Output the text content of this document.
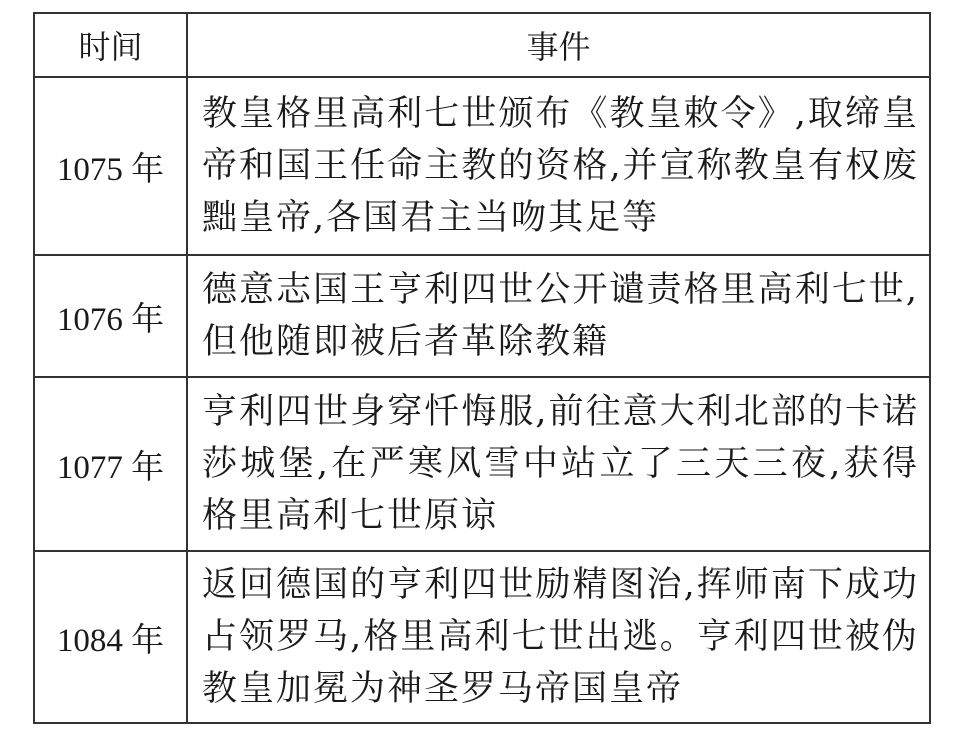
时间	事件
1075 年	教皇格里高利七世颁布《教皇敕令》,取缔皇帝和国王任命主教的资格,并宣称教皇有权废黜皇帝,各国君主当吻其足等
1076 年	德意志国王亨利四世公开谴责格里高利七世,但他随即被后者革除教籍
1077 年	亨利四世身穿忏悔服,前往意大利北部的卡诺莎城堡,在严寒风雪中站立了三天三夜,获得格里高利七世原谅
1084 年	返回德国的亨利四世励精图治,挥师南下成功占领罗马,格里高利七世出逃。亨利四世被伪教皇加冕为神圣罗马帝国皇帝
